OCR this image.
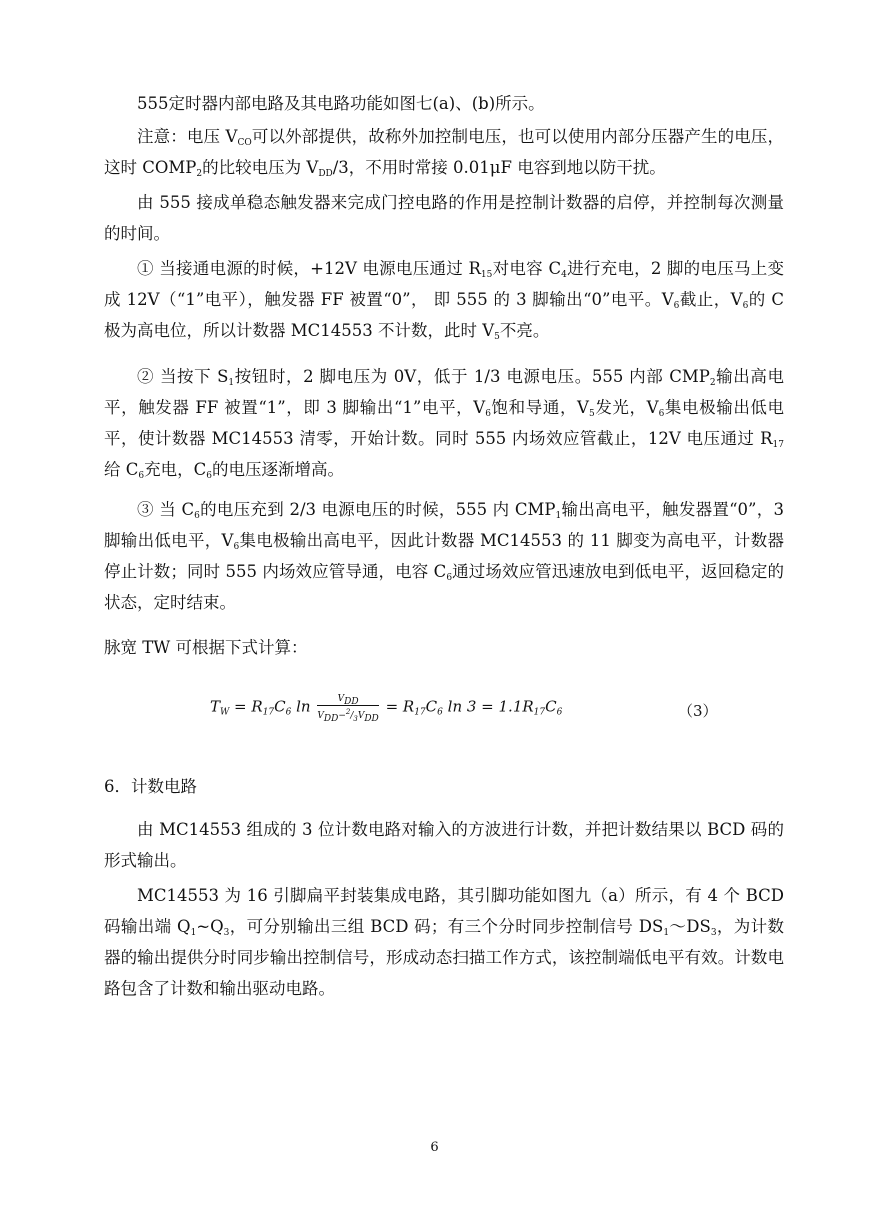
555定时器内部电路及其电路功能如图七(a)、(b)所示。

注意：电压 $V_{CO}$可以外部提供，故称外加控制电压，也可以使用内部分压器产生的电压，这时 $COMP_2$的比较电压为 $V_{DD}/3$，不用时常接 0.01μF 电容到地以防干扰。

由 555 接成单稳态触发器来完成门控电路的作用是控制计数器的启停，并控制每次测量的时间。

① 当接通电源的时候，+12V 电源电压通过 $R_{15}$对电容 $C_4$进行充电，2 脚的电压马上变成 12V（“1”电平），触发器 FF 被置“0”， 即 555 的 3 脚输出“0”电平。$V_6$截止，$V_6$的 C 极为高电位，所以计数器 MC14553 不计数，此时 $V_5$不亮。

② 当按下 $S_1$按钮时，2 脚电压为 0V，低于 1/3 电源电压。555 内部 $CMP_2$输出高电平，触发器 FF 被置“1”，即 3 脚输出“1”电平，$V_6$饱和导通，$V_5$发光，$V_6$集电极输出低电平，使计数器 MC14553 清零，开始计数。同时 555 内场效应管截止，12V 电压通过 $R_{17}$给 $C_6$充电，$C_6$的电压逐渐增高。

③ 当 $C_6$的电压充到 2/3 电源电压的时候，555 内 $CMP_1$输出高电平，触发器置“0”，3 脚输出低电平，$V_6$集电极输出高电平，因此计数器 MC14553 的 11 脚变为高电平，计数器停止计数；同时 555 内场效应管导通，电容 $C_6$通过场效应管迅速放电到低电平，返回稳定的状态，定时结束。

脉宽 TW 可根据下式计算：

$T_W = R_{17}C_6$ $\ln \frac{V_{DD}}{V_{DD}-^2/_3V_{DD}} = R_{17}C_6$ $\ln 3 = 1.1R_{17}C_6$	（3）

6．计数电路

由 MC14553 组成的 3 位计数电路对输入的方波进行计数，并把计数结果以 BCD 码的形式输出。

MC14553 为 16 引脚扁平封装集成电路，其引脚功能如图九（a）所示，有 4 个 BCD 码输出端 $Q_1\sim Q_3$，可分别输出三组 BCD 码；有三个分时同步控制信号 $DS_1\sim DS_3$，为计数器的输出提供分时同步输出控制信号，形成动态扫描工作方式，该控制端低电平有效。计数电路包含了计数和输出驱动电路。

6
